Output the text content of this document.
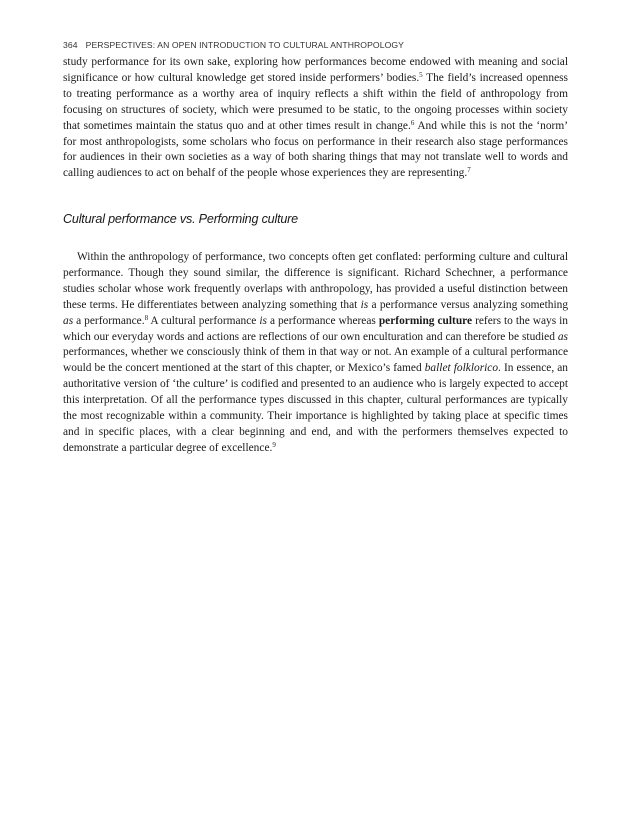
364 PERSPECTIVES: AN OPEN INTRODUCTION TO CULTURAL ANTHROPOLOGY

study performance for its own sake, exploring how performances become endowed with meaning and social significance or how cultural knowledge get stored inside performers’ bodies.$^5$ The field’s increased openness to treating performance as a worthy area of inquiry reflects a shift within the field of anthropology from focusing on structures of society, which were presumed to be static, to the ongoing processes within society that sometimes maintain the status quo and at other times result in change.$^6$ And while this is not the ‘norm’ for most anthropologists, some scholars who focus on performance in their research also stage performances for audiences in their own societies as a way of both sharing things that may not translate well to words and calling audiences to act on behalf of the people whose experiences they are representing.$^7$

Cultural performance vs. Performing culture

Within the anthropology of performance, two concepts often get conflated: performing culture and cultural performance. Though they sound similar, the difference is significant. Richard Schechner, a performance studies scholar whose work frequently overlaps with anthropology, has provided a useful distinction between these terms. He differentiates between analyzing something that is a performance versus analyzing something as a performance.$^8$ A cultural performance is a performance whereas performing culture refers to the ways in which our everyday words and actions are reflections of our own enculturation and can therefore be studied as performances, whether we consciously think of them in that way or not. An example of a cultural performance would be the concert mentioned at the start of this chapter, or Mexico’s famed ballet folklorico. In essence, an authoritative version of ‘the culture’ is codified and presented to an audience who is largely expected to accept this interpretation. Of all the performance types discussed in this chapter, cultural performances are typically the most recognizable within a community. Their importance is highlighted by taking place at specific times and in specific places, with a clear beginning and end, and with the performers themselves expected to demonstrate a particular degree of excellence.$^9$
